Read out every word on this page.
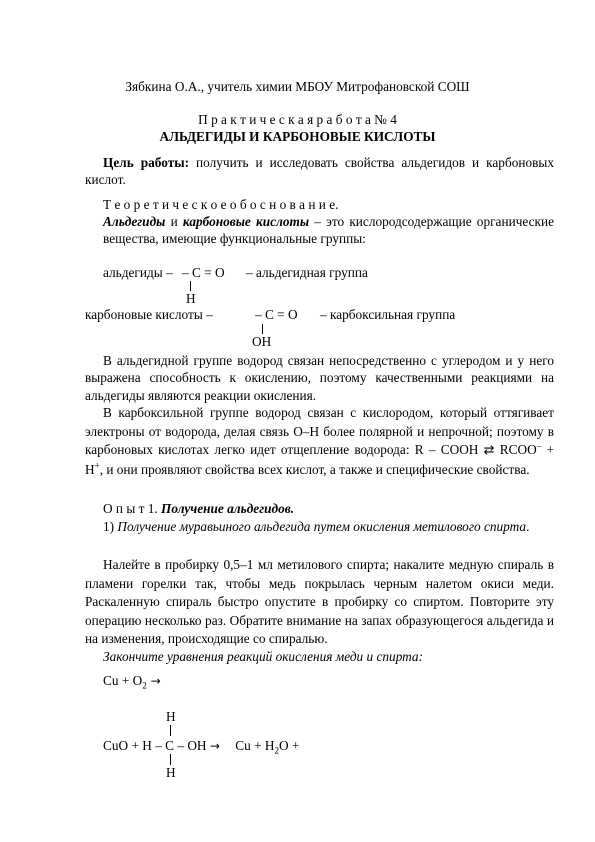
Зябкина О.А., учитель химии МБОУ Митрофановской СОШ
П р а к т и ч е с к а я р а б о т а № 4
АЛЬДЕГИДЫ И КАРБОНОВЫЕ КИСЛОТЫ
Цель работы: получить и исследовать свойства альдегидов и карбоновых кислот.
Т е о р е т и ч е с к о е о б о с н о в а н и е.
Альдегиды и карбоновые кислоты – это кислородсодержащие органические вещества, имеющие функциональные группы:
альдегиды – – C = O – альдегидная группа
H
карбоновые кислоты –	– C = O – карбоксильная группа
OH
В альдегидной группе водород связан непосредственно с углеродом и у него выражена способность к окислению, поэтому качественными реакциями на альдегиды являются реакции окисления.
В карбоксильной группе водород связан с кислородом, который оттягивает электроны от водорода, делая связь О–Н более полярной и непрочной; поэтому в карбоновых кислотах легко идет отщепление водорода: R – COOH ⇄ RCOO– + H+, и они проявляют свойства всех кислот, а также и специфические свойства.
О п ы т 1. Получение альдегидов.
1) Получение муравьиного альдегида путем окисления метилового спирта.
Налейте в пробирку 0,5–1 мл метилового спирта; накалите медную спираль в пламени горелки так, чтобы медь покрылась черным налетом окиси меди. Раскаленную спираль быстро опустите в пробирку со спиртом. Повторите эту операцию несколько раз. Обратите внимание на запах образующегося альдегида и на изменения, происходящие со спиралью.
Закончите уравнения реакций окисления меди и спирта:
$Cu + O_2$ →
H
CuO + H – C – OH → $Cu + H_2O$ +
H
